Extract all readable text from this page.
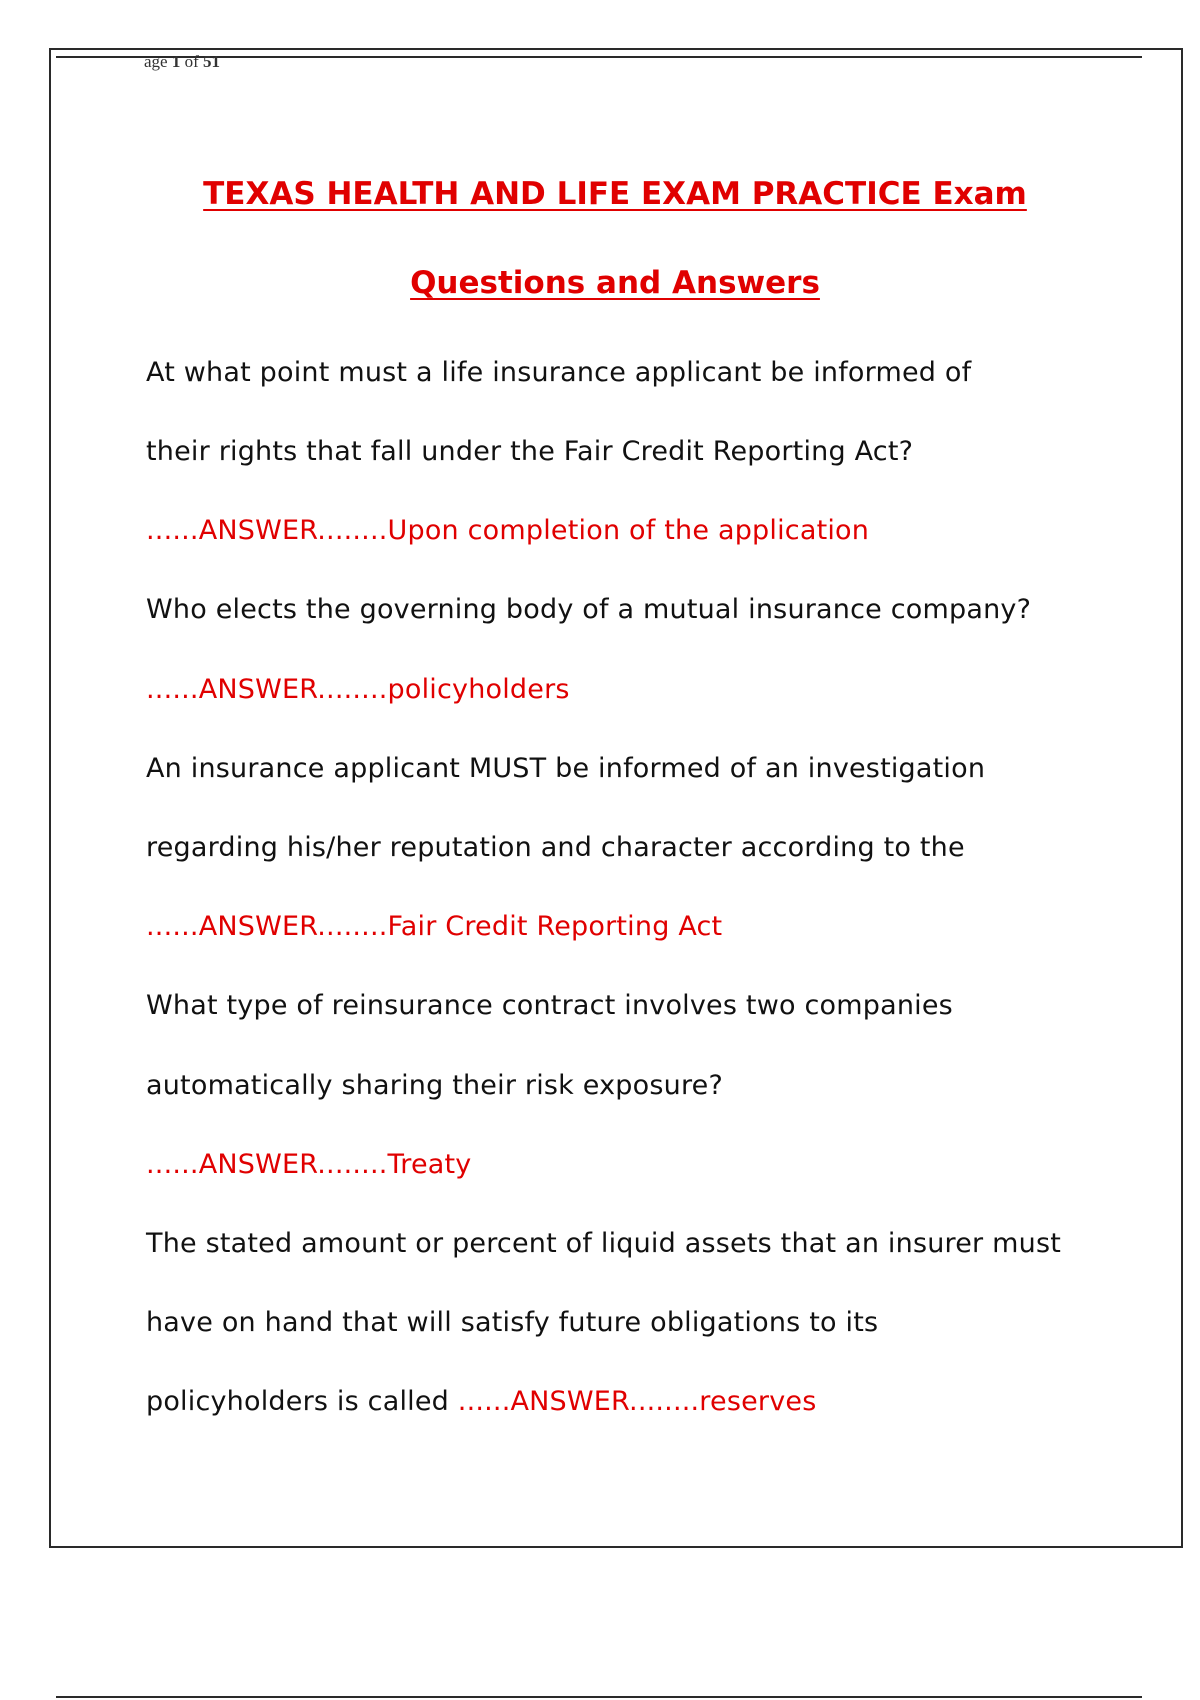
age 1 of 51
TEXAS HEALTH AND LIFE EXAM PRACTICE Exam
Questions and Answers
At what point must a life insurance applicant be informed of
their rights that fall under the Fair Credit Reporting Act?
......ANSWER........Upon completion of the application
Who elects the governing body of a mutual insurance company?
......ANSWER........policyholders
An insurance applicant MUST be informed of an investigation
regarding his/her reputation and character according to the
......ANSWER........Fair Credit Reporting Act
What type of reinsurance contract involves two companies
automatically sharing their risk exposure?
......ANSWER........Treaty
The stated amount or percent of liquid assets that an insurer must
have on hand that will satisfy future obligations to its
policyholders is called ......ANSWER........reserves
